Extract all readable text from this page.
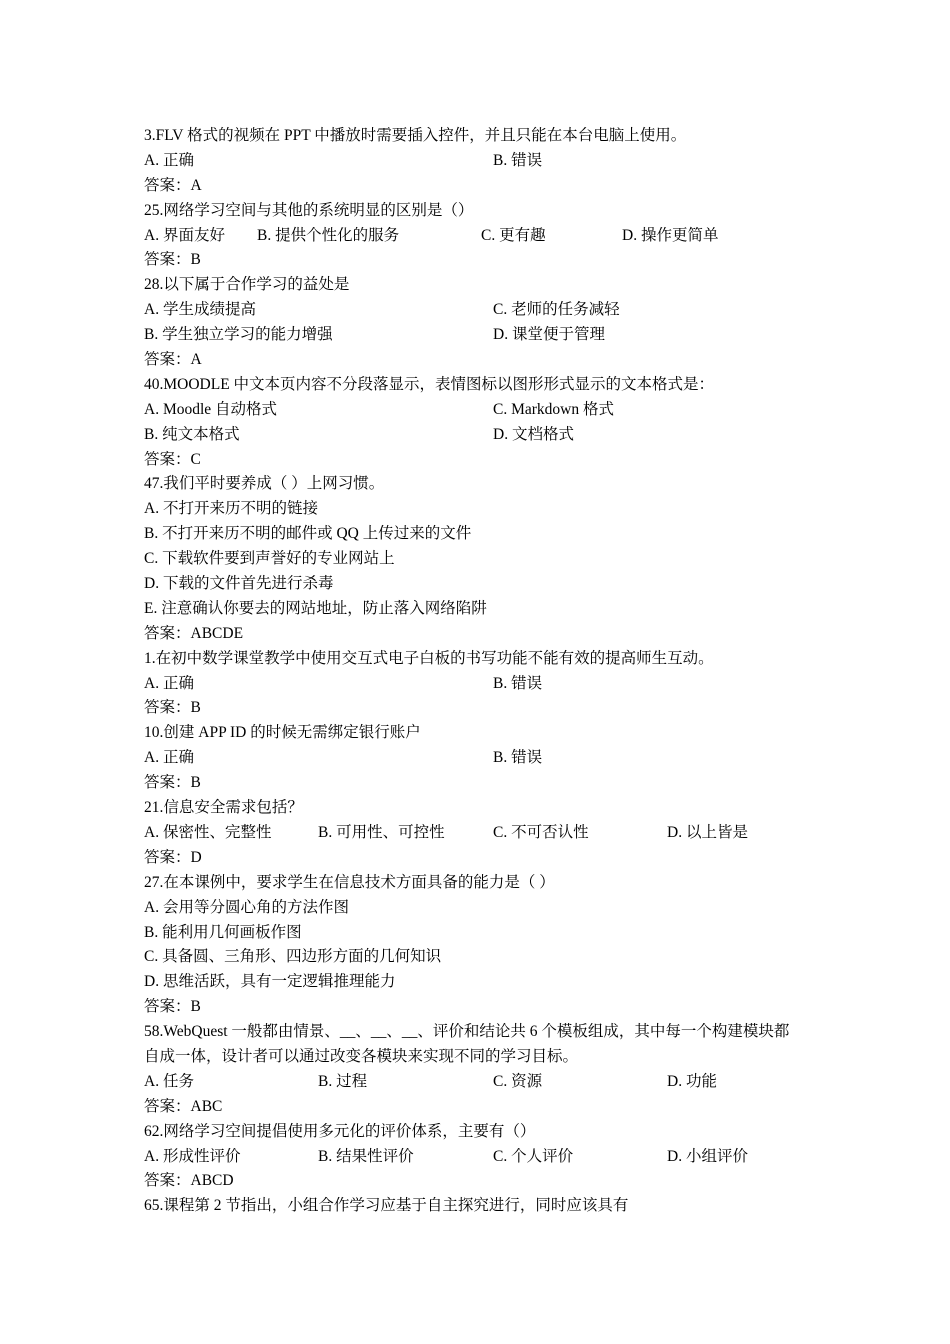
3.FLV 格式的视频在 PPT 中播放时需要插入控件，并且只能在本台电脑上使用。
A. 正确	B. 错误
答案：A
25.网络学习空间与其他的系统明显的区别是（）
A. 界面友好 B. 提供个性化的服务	C. 更有趣	D. 操作更简单
答案：B
28.以下属于合作学习的益处是
A. 学生成绩提高	C. 老师的任务减轻
B. 学生独立学习的能力增强	D. 课堂便于管理
答案：A
40.MOODLE 中文本页内容不分段落显示，表情图标以图形形式显示的文本格式是：
A. Moodle 自动格式	C. Markdown 格式
B. 纯文本格式	D. 文档格式
答案：C
47.我们平时要养成（ ）上网习惯。
A. 不打开来历不明的链接
B. 不打开来历不明的邮件或 QQ 上传过来的文件
C. 下载软件要到声誉好的专业网站上
D. 下载的文件首先进行杀毒
E. 注意确认你要去的网站地址，防止落入网络陷阱
答案：ABCDE
1.在初中数学课堂教学中使用交互式电子白板的书写功能不能有效的提高师生互动。
A. 正确	B. 错误
答案：B
10.创建 APP ID 的时候无需绑定银行账户
A. 正确	B. 错误
答案：B
21.信息安全需求包括？
A. 保密性、完整性	B. 可用性、可控性	C. 不可否认性	D. 以上皆是
答案：D
27.在本课例中，要求学生在信息技术方面具备的能力是（ ）
A. 会用等分圆心角的方法作图
B. 能利用几何画板作图
C. 具备圆、三角形、四边形方面的几何知识
D. 思维活跃，具有一定逻辑推理能力
答案：B
58.WebQuest 一般都由情景、__、__、__、评价和结论共 6 个模板组成，其中每一个构建模块都
自成一体，设计者可以通过改变各模块来实现不同的学习目标。
A. 任务	B. 过程	C. 资源	D. 功能
答案：ABC
62.网络学习空间提倡使用多元化的评价体系，主要有（）
A. 形成性评价	B. 结果性评价	C. 个人评价	D. 小组评价
答案：ABCD
65.课程第 2 节指出，小组合作学习应基于自主探究进行，同时应该具有
